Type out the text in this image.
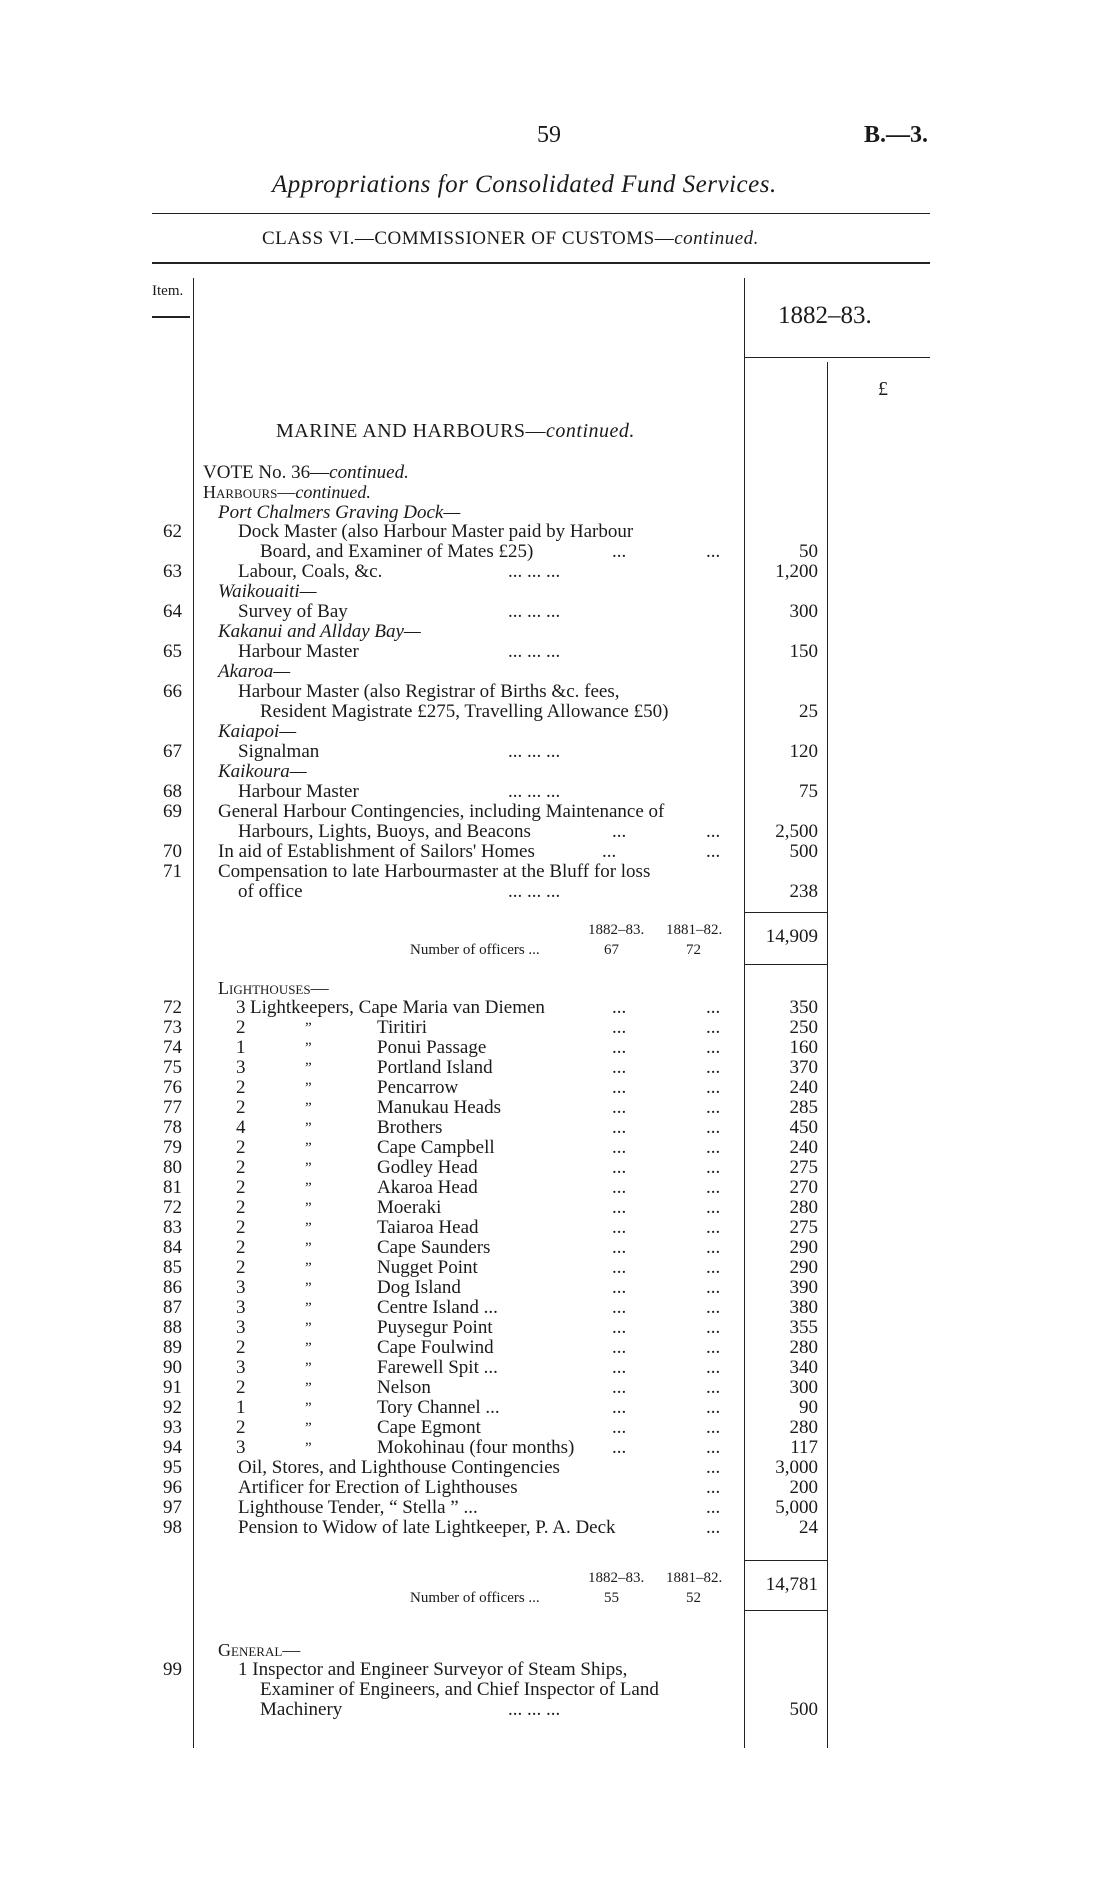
59	B.—3.
Appropriations for Consolidated Fund Services.
CLASS VI.—COMMISSIONER OF CUSTOMS—continued.
Item.
1882–83.
£
MARINE AND HARBOURS—continued.
VOTE No. 36—continued.
Harbours—continued.
Port Chalmers Graving Dock—
62	Dock Master (also Harbour Master paid by Harbour
Board, and Examiner of Mates £25)	...	...	50
63	Labour, Coals, &c.	... ... ...	1,200
Waikouaiti—
64	Survey of Bay	... ... ...	300
Kakanui and Allday Bay—
65	Harbour Master	... ... ...	150
Akaroa—
66	Harbour Master (also Registrar of Births &c. fees,
Resident Magistrate £275, Travelling Allowance £50)	25
Kaiapoi—
67	Signalman	... ... ...	120
Kaikoura—
68	Harbour Master	... ... ...	75
69 General Harbour Contingencies, including Maintenance of
Harbours, Lights, Buoys, and Beacons	...	...	2,500
70 In aid of Establishment of Sailors' Homes	...	...	500
71 Compensation to late Harbourmaster at the Bluff for loss
of office	... ... ...	238
1882–83. 1881–82.	14,909
Number of officers ...	67	72
Lighthouses—
72	3 Lightkeepers, Cape Maria van Diemen	...	...	350
73	2	”	Tiritiri	...	...	250
74	1	”	Ponui Passage	...	...	160
75	3	”	Portland Island	...	...	370
76	2	”	Pencarrow	...	...	240
77	2	”	Manukau Heads	...	...	285
78	4	”	Brothers	...	...	450
79	2	”	Cape Campbell	...	...	240
80	2	”	Godley Head	...	...	275
81	2	”	Akaroa Head	...	...	270
72	2	”	Moeraki	...	...	280
83	2	”	Taiaroa Head	...	...	275
84	2	”	Cape Saunders	...	...	290
85	2	”	Nugget Point	...	...	290
86	3	”	Dog Island	...	...	390
87	3	”	Centre Island ...	...	...	380
88	3	”	Puysegur Point	...	...	355
89	2	”	Cape Foulwind	...	...	280
90	3	”	Farewell Spit ...	...	...	340
91	2	”	Nelson	...	...	300
92	1	”	Tory Channel ...	...	...	90
93	2	”	Cape Egmont	...	...	280
94	3	”	Mokohinau (four months) ...	...	117
95	Oil, Stores, and Lighthouse Contingencies	...	3,000
96	Artificer for Erection of Lighthouses	...	200
97	Lighthouse Tender, “ Stella ” ...	...	5,000
98	Pension to Widow of late Lightkeeper, P. A. Deck	...	24
1882–83. 1881–82.	14,781
Number of officers ...	55	52
General—
99	1 Inspector and Engineer Surveyor of Steam Ships,
Examiner of Engineers, and Chief Inspector of Land
Machinery	... ... ...	500
